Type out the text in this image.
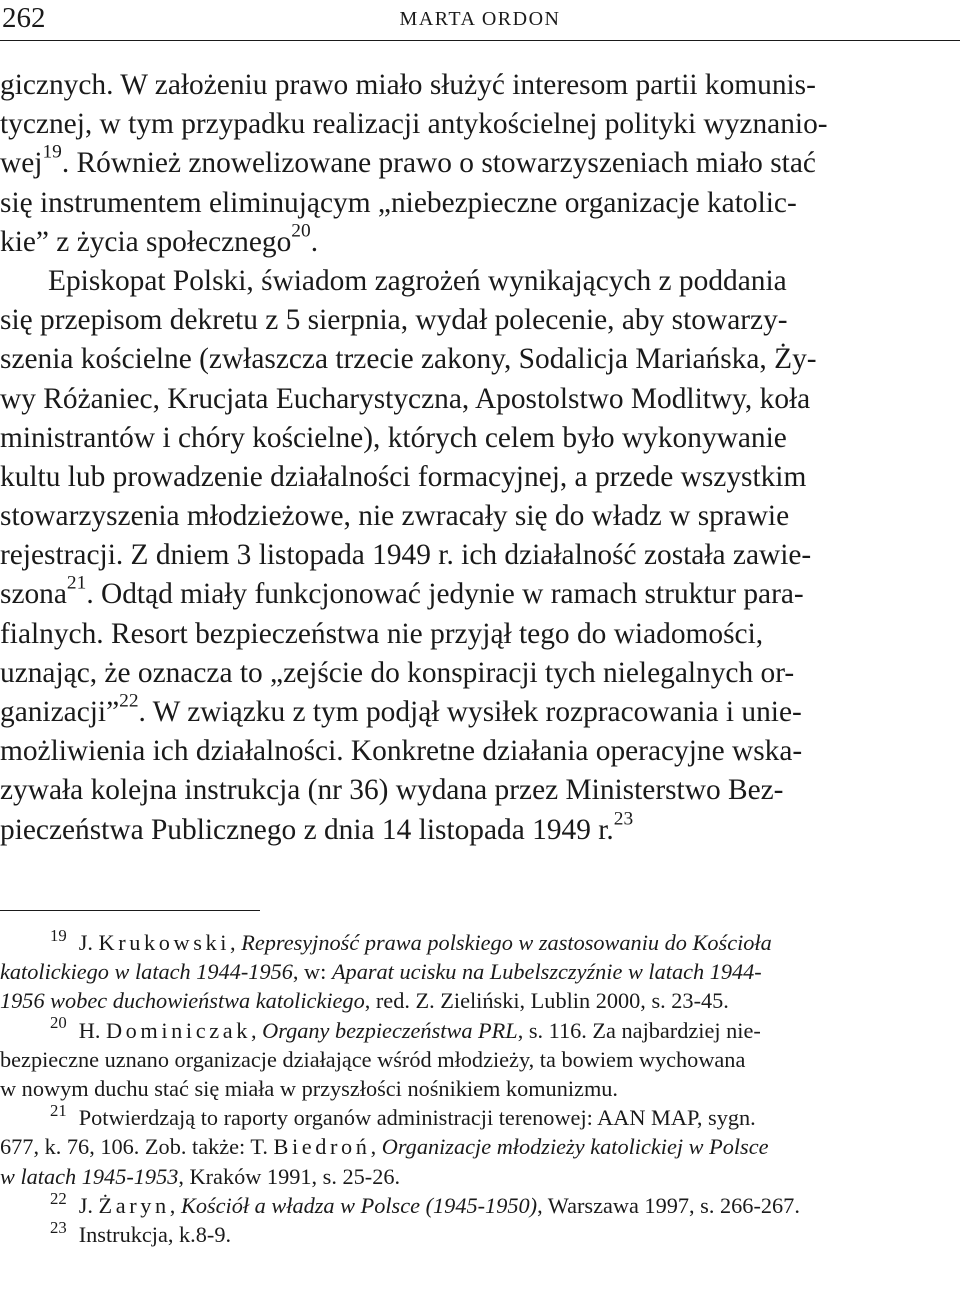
262	MARTA ORDON
gicznych. W założeniu prawo miało służyć interesom partii komunis-
tycznej, w tym przypadku realizacji antykościelnej polityki wyznanio-
wej$^{19}$. Również znowelizowane prawo o stowarzyszeniach miało stać
się instrumentem eliminującym „niebezpieczne organizacje katolic-
kie” z życia społecznego$^{20}$.
Episkopat Polski, świadom zagrożeń wynikających z poddania
się przepisom dekretu z 5 sierpnia, wydał polecenie, aby stowarzy-
szenia kościelne (zwłaszcza trzecie zakony, Sodalicja Mariańska, Ży-
wy Różaniec, Krucjata Eucharystyczna, Apostolstwo Modlitwy, koła
ministrantów i chóry kościelne), których celem było wykonywanie
kultu lub prowadzenie działalności formacyjnej, a przede wszystkim
stowarzyszenia młodzieżowe, nie zwracały się do władz w sprawie
rejestracji. Z dniem 3 listopada 1949 r. ich działalność została zawie-
szona$^{21}$. Odtąd miały funkcjonować jedynie w ramach struktur para-
fialnych. Resort bezpieczeństwa nie przyjął tego do wiadomości,
uznając, że oznacza to „zejście do konspiracji tych nielegalnych or-
ganizacji”$^{22}$. W związku z tym podjął wysiłek rozpracowania i unie-
możliwienia ich działalności. Konkretne działania operacyjne wska-
zywała kolejna instrukcja (nr 36) wydana przez Ministerstwo Bez-
pieczeństwa Publicznego z dnia 14 listopada 1949 r.$^{23}$
$^{19}$ J. Krukowski, Represyjność prawa polskiego w zastosowaniu do Kościoła
katolickiego w latach 1944-1956, w: Aparat ucisku na Lubelszczyźnie w latach 1944-
1956 wobec duchowieństwa katolickiego, red. Z. Zieliński, Lublin 2000, s. 23-45.
$^{20}$ H. Dominiczak, Organy bezpieczeństwa PRL, s. 116. Za najbardziej nie-
bezpieczne uznano organizacje działające wśród młodzieży, ta bowiem wychowana
w nowym duchu stać się miała w przyszłości nośnikiem komunizmu.
$^{21}$ Potwierdzają to raporty organów administracji terenowej: AAN MAP, sygn.
677, k. 76, 106. Zob. także: T. Biedroń, Organizacje młodzieży katolickiej w Polsce
w latach 1945-1953, Kraków 1991, s. 25-26.
$^{22}$ J. Żaryn, Kościół a władza w Polsce (1945-1950), Warszawa 1997, s. 266-267.
$^{23}$ Instrukcja, k.8-9.
